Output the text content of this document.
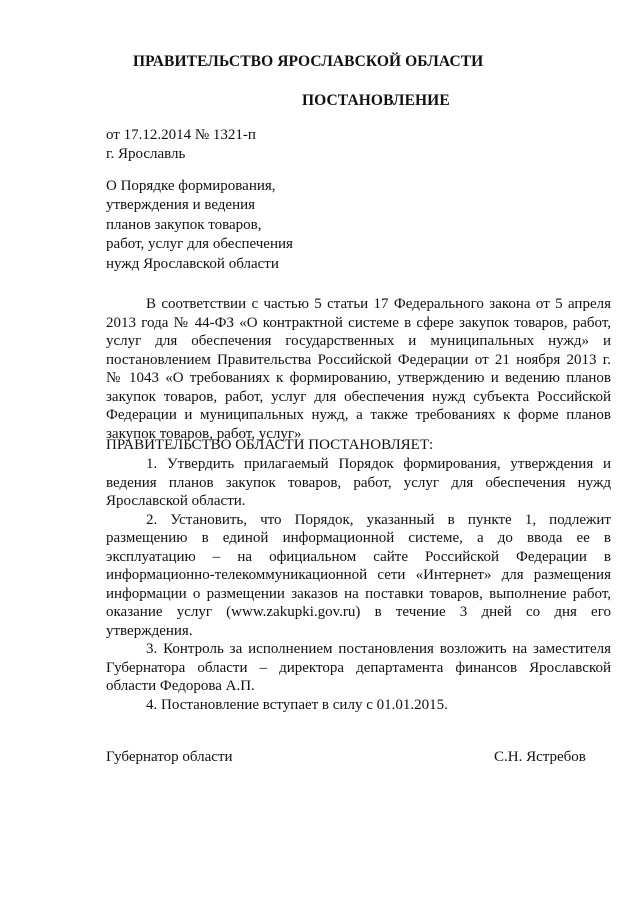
ПРАВИТЕЛЬСТВО ЯРОСЛАВСКОЙ ОБЛАСТИ
ПОСТАНОВЛЕНИЕ
от 17.12.2014 № 1321-п
г. Ярославль
О Порядке формирования,
утверждения и ведения
планов закупок товаров,
работ, услуг для обеспечения
нужд Ярославской области
В соответствии с частью 5 статьи 17 Федерального закона от 5 апреля
2013 года № 44-ФЗ «О контрактной системе в сфере закупок товаров, работ,
услуг для обеспечения государственных и муниципальных нужд» и
постановлением Правительства Российской Федерации от 21 ноября 2013 г.
№ 1043 «О требованиях к формированию, утверждению и ведению планов
закупок товаров, работ, услуг для обеспечения нужд субъекта Российской
Федерации и муниципальных нужд, а также требованиях к форме планов
закупок товаров, работ, услуг»
ПРАВИТЕЛЬСТВО ОБЛАСТИ ПОСТАНОВЛЯЕТ:
1. Утвердить прилагаемый Порядок формирования, утверждения и
ведения планов закупок товаров, работ, услуг для обеспечения нужд
Ярославской области.
2. Установить, что Порядок, указанный в пункте 1, подлежит
размещению в единой информационной системе, а до ввода ее в
эксплуатацию – на официальном сайте Российской Федерации в
информационно-телекоммуникационной сети «Интернет» для размещения
информации о размещении заказов на поставки товаров, выполнение работ,
оказание услуг (www.zakupki.gov.ru) в течение 3 дней со дня его
утверждения.
3. Контроль за исполнением постановления возложить на заместителя
Губернатора области – директора департамента финансов Ярославской
области Федорова А.П.
4. Постановление вступает в силу с 01.01.2015.
Губернатор области	С.Н. Ястребов
